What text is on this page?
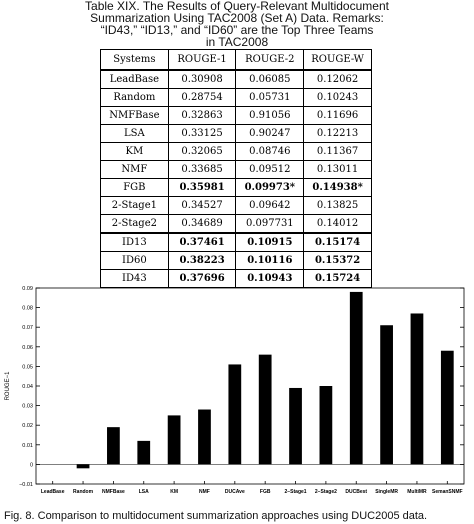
Table XIX. The Results of Query-Relevant Multidocument
Summarization Using TAC2008 (Set A) Data. Remarks:
“ID43,” “ID13,” and “ID60” are the Top Three Teams
in TAC2008
Systems	ROUGE-1	ROUGE-2	ROUGE-W
LeadBase	0.30908	0.06085	0.12062
Random	0.28754	0.05731	0.10243
NMFBase	0.32863	0.91056	0.11696
LSA	0.33125	0.90247	0.12213
KM	0.32065	0.08746	0.11367
NMF	0.33685	0.09512	0.13011
FGB	0.35981	0.09973*	0.14938*
2-Stage1	0.34527	0.09642	0.13825
2-Stage2	0.34689	0.097731	0.14012
ID13	0.37461	0.10915	0.15174
ID60	0.38223	0.10116	0.15372
ID43	0.37696	0.10943	0.15724
ROUGE−1
−0.01
0
0.01
0.02
0.03
0.04
0.05
0.06
0.07
0.08
0.09
LeadBase Random NMFBase	LSA	KM	NMF	DUCAve	FGB	2−Stage1 2−Stage2 DUCBest SingleMR MultiMR SemanSNMF
Fig. 8. Comparison to multidocument summarization approaches using DUC2005 data.
